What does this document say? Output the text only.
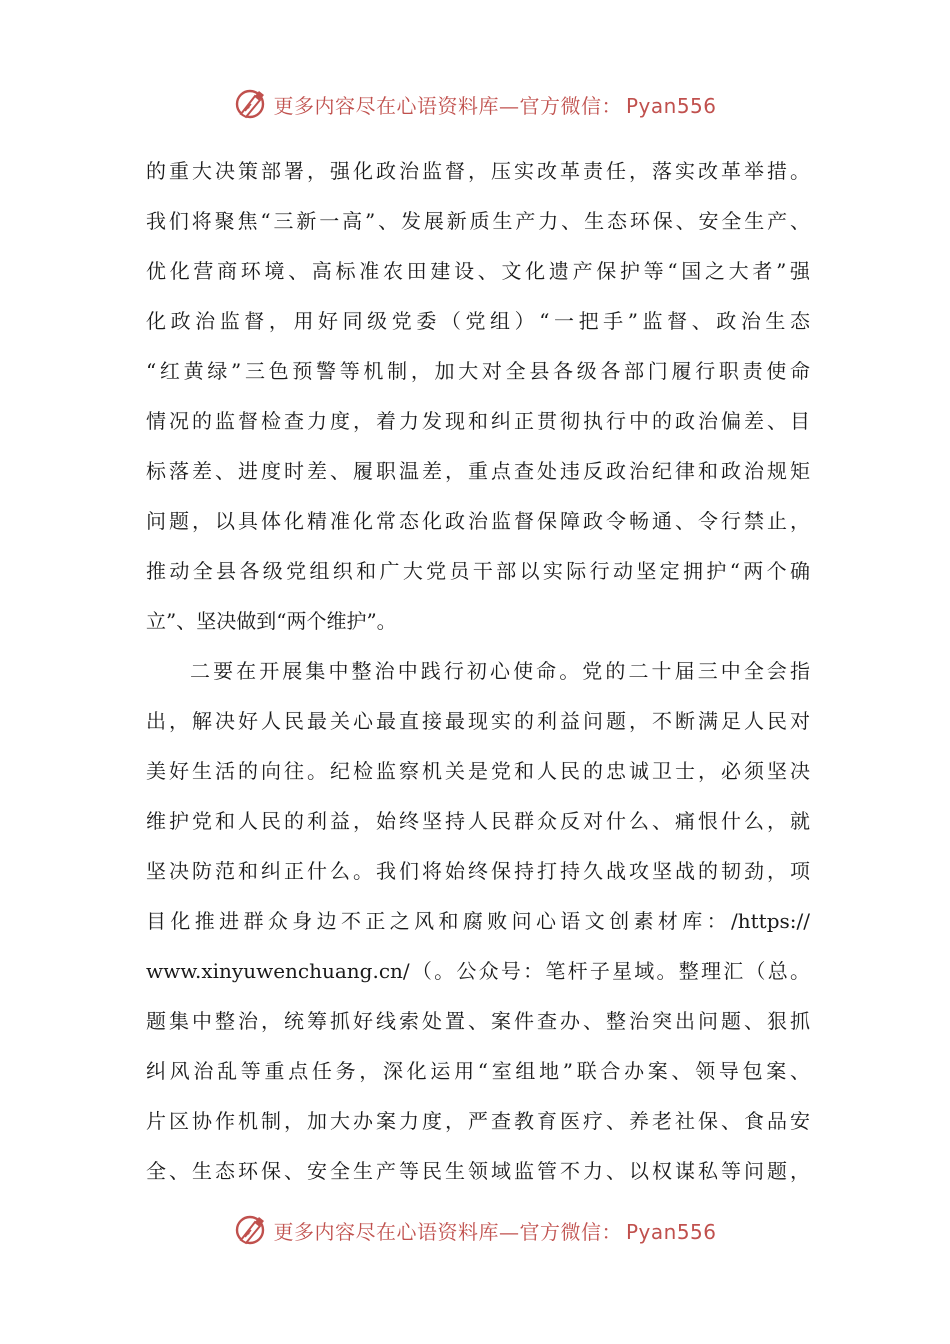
更多内容尽在心语资料库—官方微信： Pyan556
的重大决策部署，强化政治监督，压实改革责任，落实改革举措。
我们将聚焦“三新一高”、发展新质生产力、生态环保、安全生产、
优化营商环境、高标准农田建设、文化遗产保护等“国之大者”强
化政治监督，用好同级党委（党组）“一把手”监督、政治生态
“红黄绿”三色预警等机制，加大对全县各级各部门履行职责使命
情况的监督检查力度，着力发现和纠正贯彻执行中的政治偏差、目
标落差、进度时差、履职温差，重点查处违反政治纪律和政治规矩
问题，以具体化精准化常态化政治监督保障政令畅通、令行禁止，
推动全县各级党组织和广大党员干部以实际行动坚定拥护“两个确
立”、坚决做到“两个维护”。
二要在开展集中整治中践行初心使命。党的二十届三中全会指
出，解决好人民最关心最直接最现实的利益问题，不断满足人民对
美好生活的向往。纪检监察机关是党和人民的忠诚卫士，必须坚决
维护党和人民的利益，始终坚持人民群众反对什么、痛恨什么，就
坚决防范和纠正什么。我们将始终保持打持久战攻坚战的韧劲，项
目化推进群众身边不正之风和腐败问心语文创素材库：/https://
www.xinyuwenchuang.cn/（。公众号：笔杆子星域。整理汇（总。
题集中整治，统筹抓好线索处置、案件查办、整治突出问题、狠抓
纠风治乱等重点任务，深化运用“室组地”联合办案、领导包案、
片区协作机制，加大办案力度，严查教育医疗、养老社保、食品安
全、生态环保、安全生产等民生领域监管不力、以权谋私等问题，
更多内容尽在心语资料库—官方微信： Pyan556
